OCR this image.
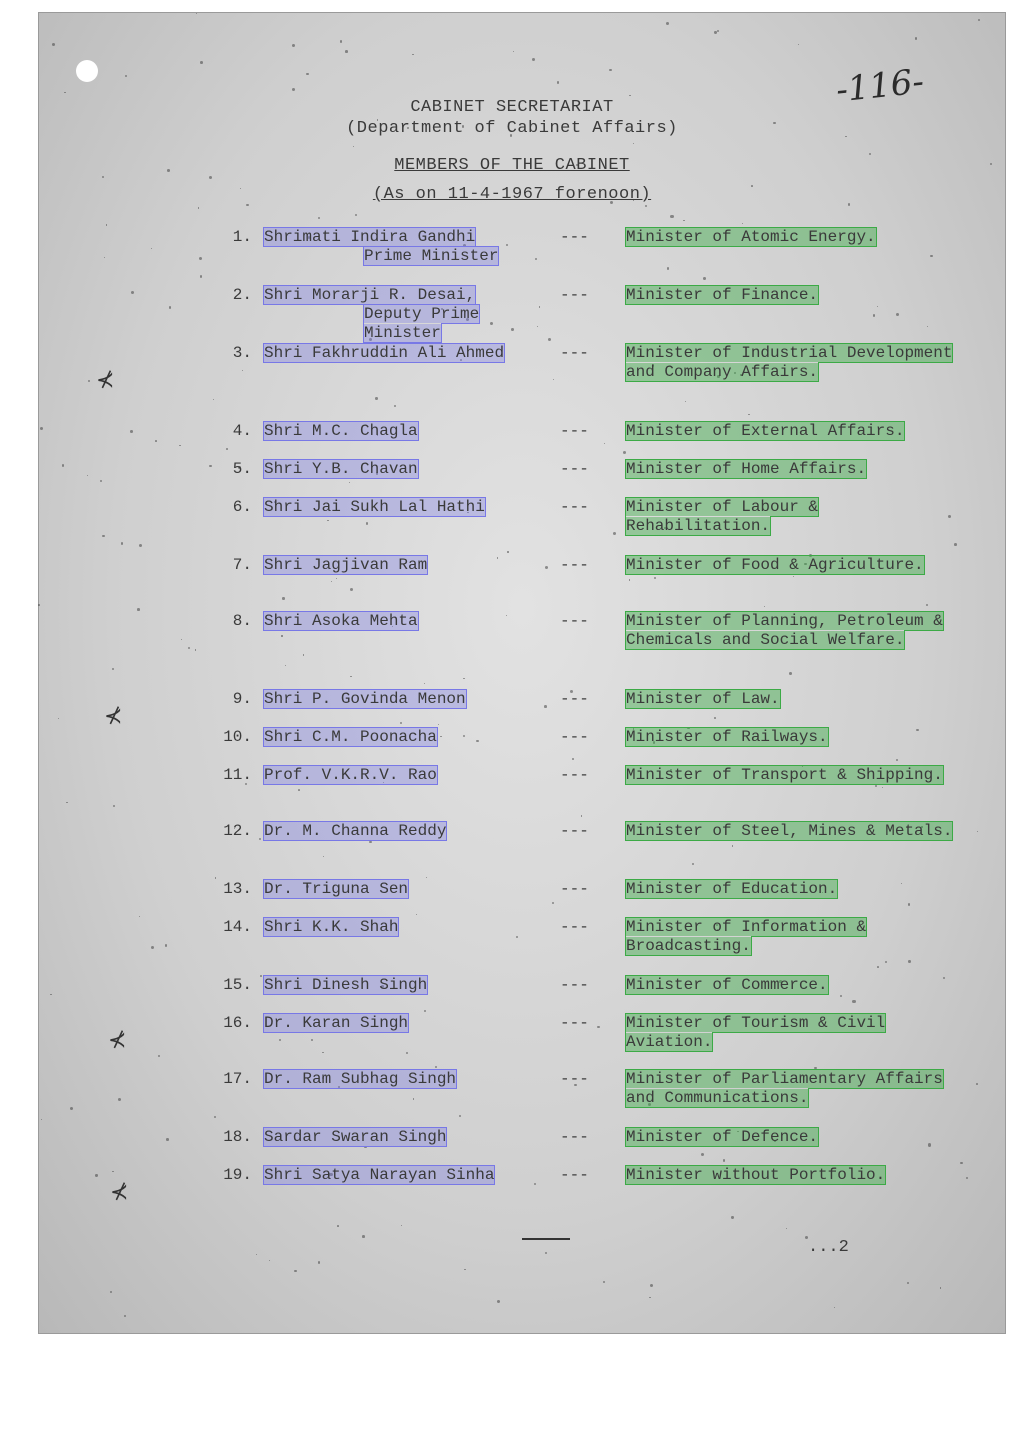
-116-
CABINET SECRETARIAT
(Department of Cabinet Affairs)
MEMBERS OF THE CABINET
(As on 11-4-1967 forenoon)
1. Shrimati Indira Gandhi
Prime Minister
--- Minister of Atomic Energy.
2. Shri Morarji R. Desai,
Deputy Prime Minister
--- Minister of Finance.
3. Shri Fakhruddin Ali Ahmed	--- Minister of Industrial Development and Company Affairs.
4. Shri M.C. Chagla	--- Minister of External Affairs.
5. Shri Y.B. Chavan	--- Minister of Home Affairs.
6. Shri Jai Sukh Lal Hathi	--- Minister of Labour & Rehabilitation.
7. Shri Jagjivan Ram	--- Minister of Food & Agriculture.
8. Shri Asoka Mehta	--- Minister of Planning, Petroleum & Chemicals and Social Welfare.
9. Shri P. Govinda Menon	--- Minister of Law.
10. Shri C.M. Poonacha	--- Minister of Railways.
11. Prof. V.K.R.V. Rao	--- Minister of Transport & Shipping.
12. Dr. M. Channa Reddy	--- Minister of Steel, Mines & Metals.
13. Dr. Triguna Sen	--- Minister of Education.
14. Shri K.K. Shah	--- Minister of Information & Broadcasting.
15. Shri Dinesh Singh	--- Minister of Commerce.
16. Dr. Karan Singh	--- Minister of Tourism & Civil Aviation.
17. Dr. Ram Subhag Singh	--- Minister of Parliamentary Affairs and Communications.
18. Sardar Swaran Singh	--- Minister of Defence.
19. Shri Satya Narayan Sinha	--- Minister without Portfolio.
...2
⊀
⊀
⊀
⊀
